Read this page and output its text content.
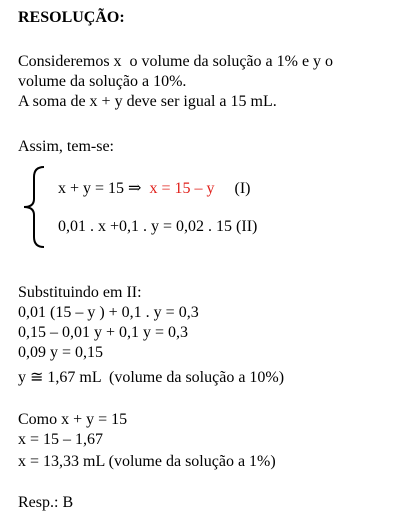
RESOLUÇÃO:
Consideremos x  o volume da solução a 1% e y o
volume da solução a 10%.
A soma de x + y deve ser igual a 15 mL.
Assim, tem-se:
x + y = 15 ⇒  x = 15 – y     (I)
0,01 . x +0,1 . y = 0,02 . 15 (II)
Substituindo em II:
0,01 (15 – y ) + 0,1 . y = 0,3
0,15 – 0,01 y + 0,1 y = 0,3
0,09 y = 0,15
y ≅ 1,67 mL  (volume da solução a 10%)
Como x + y = 15
x = 15 – 1,67
x = 13,33 mL (volume da solução a 1%)
Resp.: B
